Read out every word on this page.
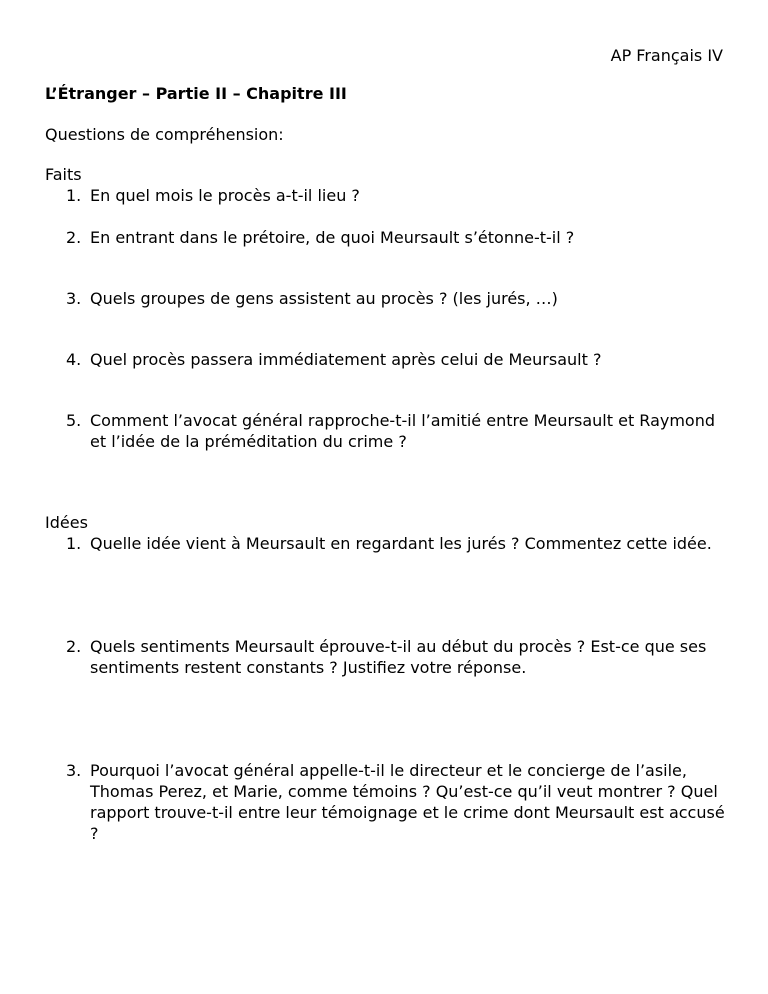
AP Français IV

L’Étranger – Partie II – Chapitre III

Questions de compréhension:

Faits

1. En quel mois le procès a-t-il lieu ?
2. En entrant dans le prétoire, de quoi Meursault s’étonne-t-il ?
3. Quels groupes de gens assistent au procès ? (les jurés, …)
4. Quel procès passera immédiatement après celui de Meursault ?
5. Comment l’avocat général rapproche-t-il l’amitié entre Meursault et Raymond et l’idée de la préméditation du crime ?

Idées

1. Quelle idée vient à Meursault en regardant les jurés ? Commentez cette idée.
2. Quels sentiments Meursault éprouve-t-il au début du procès ? Est-ce que ses sentiments restent constants ? Justifiez votre réponse.
3. Pourquoi l’avocat général appelle-t-il le directeur et le concierge de l’asile, Thomas Perez, et Marie, comme témoins ? Qu’est-ce qu’il veut montrer ? Quel rapport trouve-t-il entre leur témoignage et le crime dont Meursault est accusé ?
